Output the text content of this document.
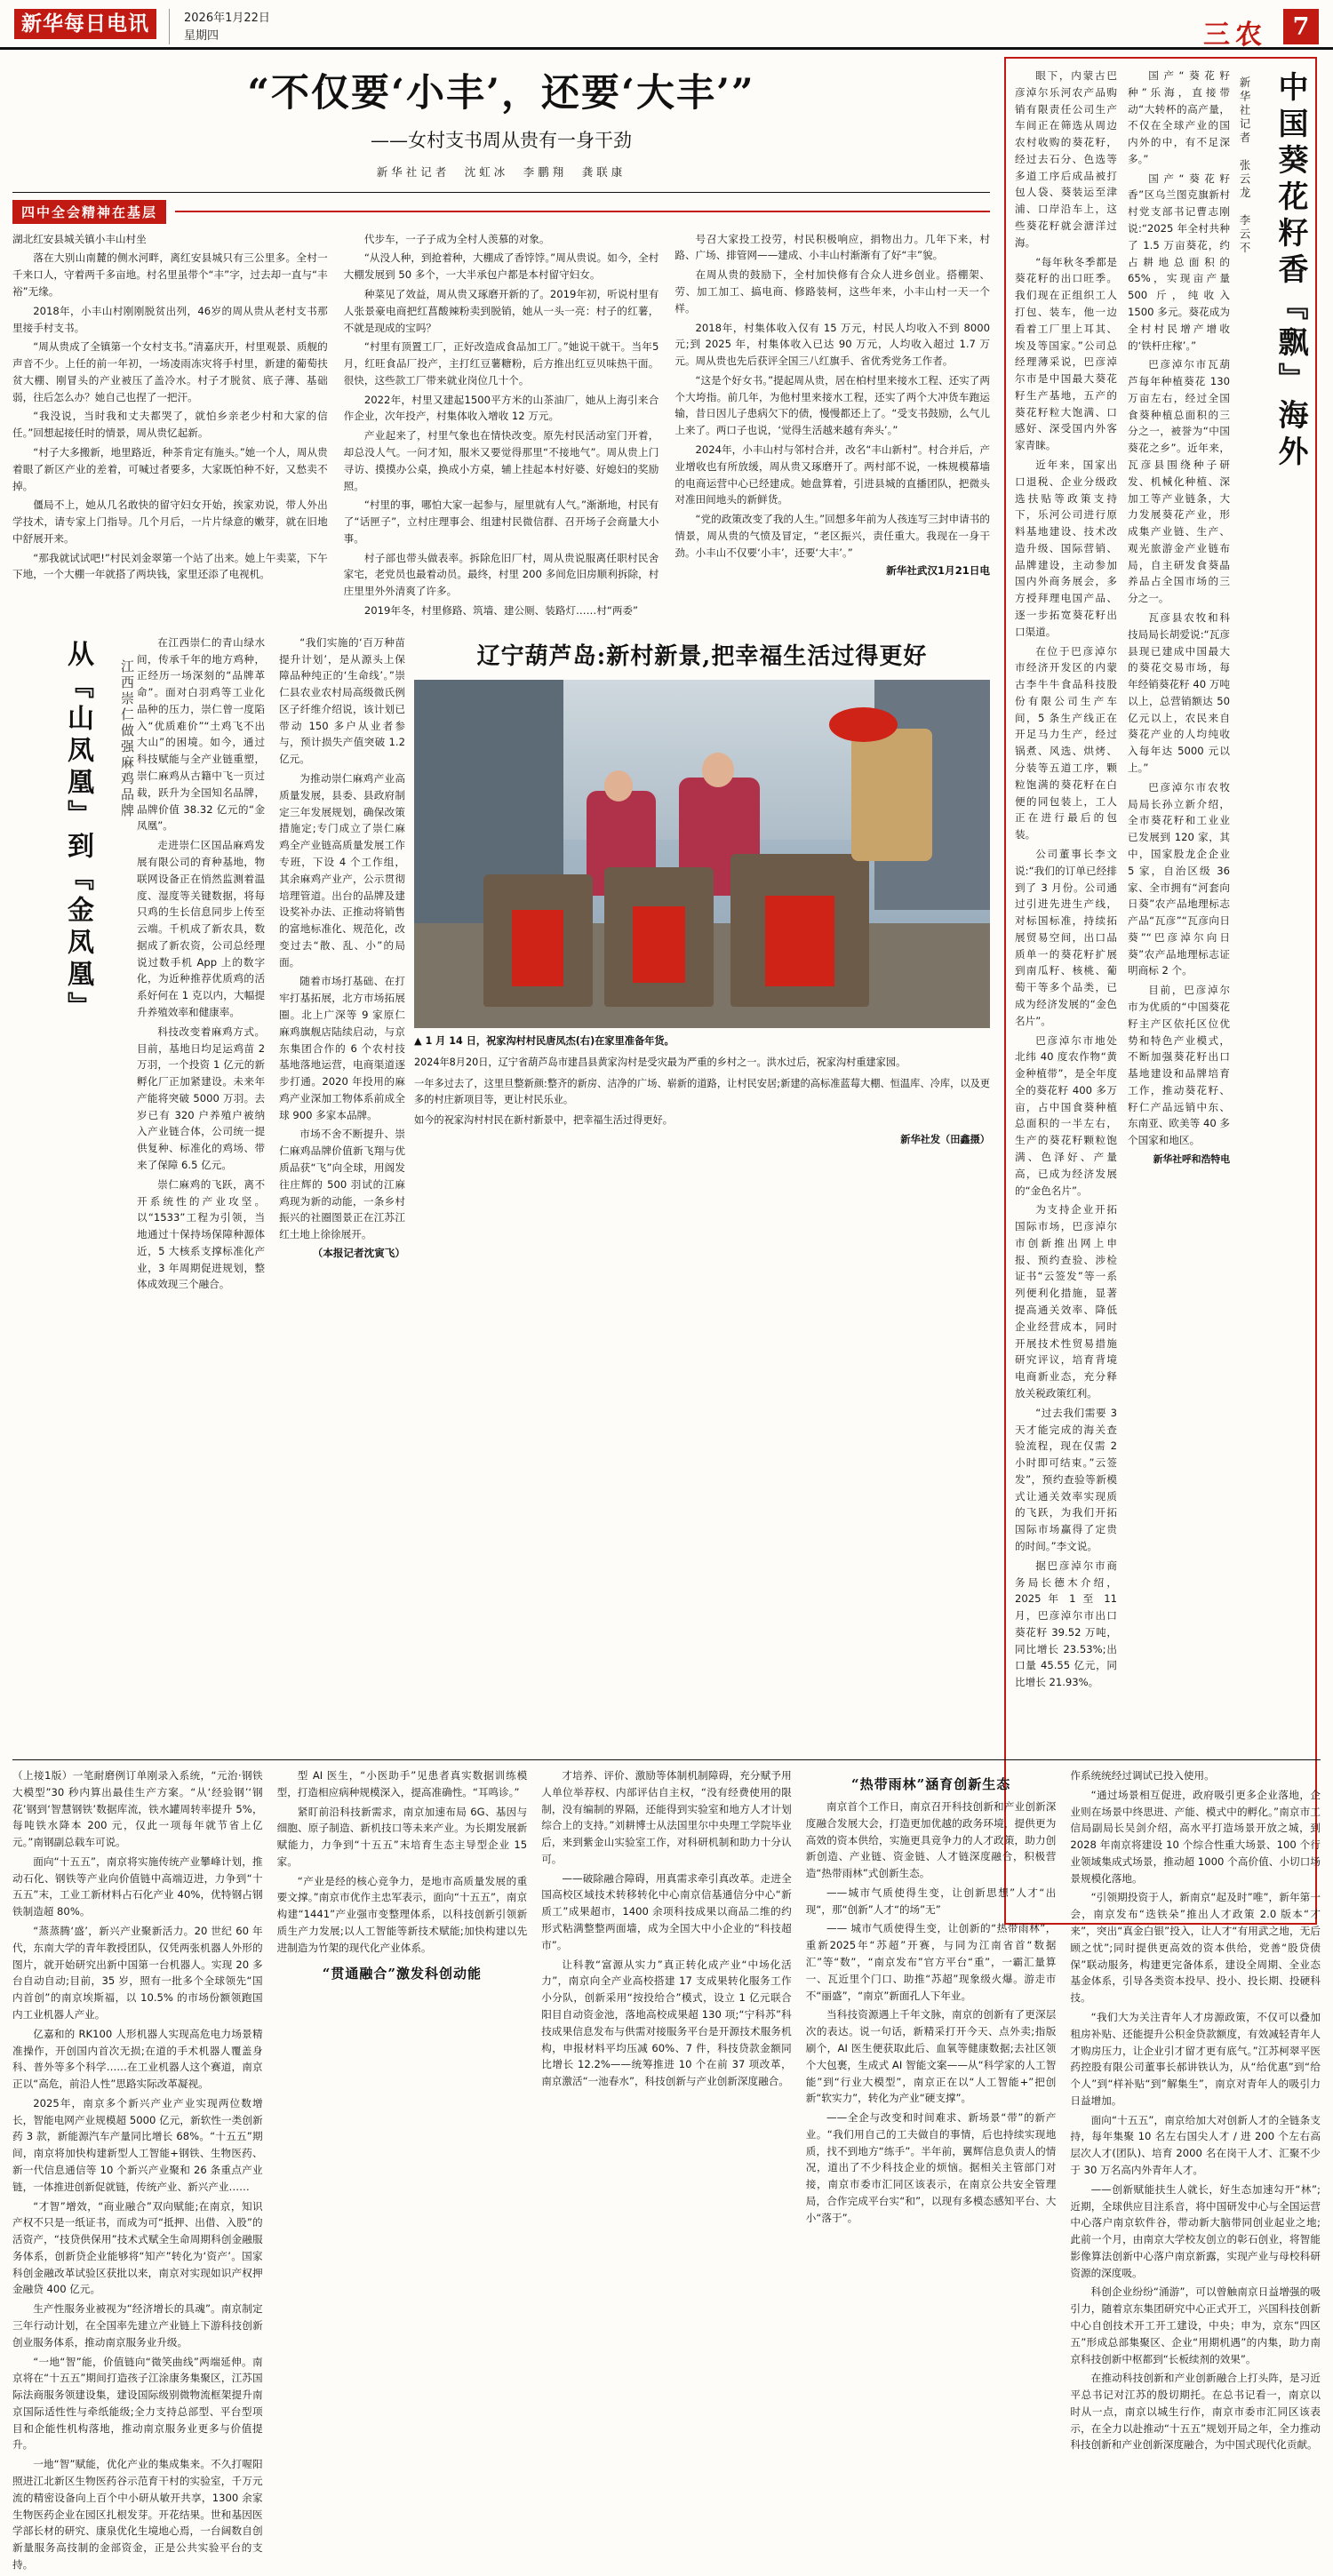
新华每日电讯	2026年1月22日
星期四	三农	7
“不仅要‘小丰’，还要‘大丰’”
——女村支书周从贵有一身干劲
新华社记者　沈虹冰　李鹏翔　龚联康
四中全会精神在基层

湖北红安县城关镇小丰山村坐

落在大别山南麓的侧水河畔，离红安县城只有三公里多。全村一千来口人，守着两千多亩地。村名里虽带个“丰”字，过去却一直与“丰裕”无缘。

2018年，小丰山村刚刚脱贫出列，46岁的周从贵从老村支书那里接手村支书。

“周从贵成了全镇第一个女村支书。”清嘉庆开，村里观景、质舰的声音不少。上任的前一年初，一场凌雨冻灾将手村里，新建的葡萄扶贫大棚、刚冒头的产业被压了盖冷水。村子才脱贫、底子薄、基础弱，往后怎么办？她自己也捏了一把汗。

“我没说，当时我和丈夫都哭了，就怕乡亲老少村和大家的信任。”回想起接任时的情景，周从贵忆起新。

“村子大多搬新，地里路近，种茶肯定有施头。”她一个人，周从贵着眼了新区产业的差着，可喊过者要多，大家既怕种不好，又愁卖不掉。

僵局不上，她从几名敢快的留守妇女开始，挨家劝说，带人外出学技术，请专家上门指导。几个月后，一片片绿意的嫩芽，就在旧地中舒展开来。

“那我就试试吧!”村民刘金翠第一个站了出来。她上午卖菜，下午下地，一个大棚一年就搭了两块钱，家里还添了电视机。

代步车，一子子成为全村人羡慕的对象。

“从没人种，到抢着种，大棚成了香饽饽。”周从贵说。如今，全村大棚发展到 50 多个，一大半承包户都是本村留守妇女。

种菜见了效益，周从贵又琢磨开新的了。2019年初，听说村里有人张景豪电商把红菖酸辣粉卖到脱销，她从一头一亮：村子的红薯，不就是现成的宝吗？

“村里有顶置工厂，正好改造成食品加工厂。”她说干就干。当年5月，红旺食品厂投产，主打红豆薯糖粉，后方推出红豆贝味热干面。很快，这些款工厂带来就业岗位几十个。

2022年，村里又建起1500平方米的山茶油厂，她从上海引来合作企业，次年投产，村集体收入增收 12 万元。

产业起来了，村里气象也在情快改变。原先村民活动室门开着，却总没人气。一问才知，服米又要觉得那里“不接地气”。周从贵上门寻访、摸摸办公桌，换成小方桌，辅上挂起本村好婆、好媳妇的奖励照。

“村里的事，哪怕大家一起参与，屋里就有人气。”渐渐地，村民有了“话匣子”，立村庄理事会、组建村民微信群、召开场子会商量大小事。

村子部也带头做表率。拆除危旧厂村，周从贵说服离任职村民舍家宅，老党员也最着动员。最终，村里 200 多间危旧房顺利拆除，村庄里里外外清爽了许多。

2019年冬，村里修路、筑墙、建公厕、装路灯……村“两委”

号召大家投工投劳，村民积极响应，捐物出力。几年下来，村路、广场、排管网——建成、小丰山村渐渐有了好“丰”貌。

在周从贵的鼓励下，全村加快修有合众人进乡创业。搭棚架、劳、加工加工、搞电商、修路装柯，这些年来，小丰山村一天一个样。

2018年，村集体收入仅有 15 万元，村民人均收入不到 8000 元;到 2025 年，村集体收入已达 90 万元，人均收入超过 1.7 万元。周从贵也先后获评全国三八红旗手、省优秀党务工作者。

“这是个好女书。”提起周从贵，居在柏村里来接水工程、还实了两个大垮指。前几年，为他村里来接水工程，还实了两个大冲货车跑运输，昔日因儿子患病欠下的债，慢慢都还上了。“受支书鼓励，么气儿上来了。两口子也说，‘觉得生活越来越有奔头’。”

2024年，小丰山村与邻村合并，改名“丰山新村”。村合并后，产业增收也有所放缓，周从贵又琢磨开了。两村部不说，一株规模幕墙的电商运营中心已经建成。她盘算着，引进县城的直播团队，把微头对准田间地头的新鲜货。

“党的政策改变了我的人生。”回想多年前为人孩连写三封申请书的情景，周从贵的气愤及冒定，“老区振兴，责任重大。我现在一身干劲。小丰山不仅要‘小丰’，还要‘大丰’。”

新华社武汉1月21日电
从『山凤凰』到『金凤凰』	江西崇仁做强麻鸡品牌

在江西崇仁的青山绿水间，传承千年的地方鸡种，正经历一场深刻的“品牌革命”。面对白羽鸡等工业化品种的压力，崇仁曾一度陷入“优质难价”“土鸡飞不出大山”的困境。如今，通过科技赋能与全产业链重塑，崇仁麻鸡从古籍中飞一页过载，跃升为全国知名品牌，品牌价值 38.32 亿元的“金凤凰”。

走进崇仁区国品麻鸡发展有限公司的育种基地，物联网设备正在悄然监测着温度、湿度等关键数据，将每只鸡的生长信息同步上传至云端。千机成了新农具，数据成了新农资，公司总经理说过数手机 App 上的数字化，为近种推荐优质鸡的活系好何在 1 克以内，大幅提升养殖效率和健康率。

科技改变着麻鸡方式。目前，基地日均足运鸡苗 2 万羽，一个投资 1 亿元的新孵化厂正加紧建设。未来年产能将突破 5000 万羽。去岁已有 320 户养殖户被纳入产业链合体，公司统一提供复种、标准化的鸡场、带来了保障 6.5 亿元。

崇仁麻鸡的飞跃，离不开系统性的产业攻坚。以“1533”工程为引领，当地通过十保持场保障种源体近，5 大核系支撑标准化产业，3 年周期促进规划，整体成效现三个融合。

“我们实施的‘百万种苗提升计划’，是从源头上保障品种纯正的‘生命线’。”崇仁县农业农村局高级微氏例区子纤维介绍说，该计划已带动 150 多户从业者参与，预计损失产值突破 1.2 亿元。

为推动崇仁麻鸡产业高质量发展，县委、县政府制定三年发展规划，确保改策措施定;专门成立了崇仁麻鸡全产业链高质量发展工作专班，下设 4 个工作组，其余麻鸡产业产，公示贯彻培理管道。出台的品牌及建设奖补办法、正推动将销售的富地标准化、规范化，改变过去“散、乱、小”的局面。

随着市场打基础、在打牢打基拓展，北方市场拓展圈。北上广深等 9 家原仁麻鸡旗舰店陆续启动，与京东集团合作的 6 个农村技基地落地运营，电商渠道逐步打通。2020 年投用的麻鸡产业深加工物体系前成全球 900 多家本品牌。

市场不舍不断提升、崇仁麻鸡品牌价值新飞翔与优质品获“飞”向全球，用阁发往庄辉的 500 羽试的江麻鸡现为新的动能，一条乡村振兴的社圈图景正在江苏江红土地上徐徐展开。

（本报记者沈寅飞）
辽宁葫芦岛:新村新景,把幸福生活过得更好
▲ 1 月 14 日，祝家沟村村民唐凤杰(右)在家里准备年货。
2024年8月20日，辽宁省葫芦岛市建昌县黄家沟村是受灾最为严重的乡村之一。洪水过后，祝家沟村重建家园。
一年多过去了，这里旦整新颜:整齐的新房、洁净的广场、崭新的道路，让村民安居;新建的高标准蓝莓大棚、恒温库、冷库，以及更多的村庄新项目等，更让村民乐业。
如今的祝家沟村村民在新村新景中，把幸福生活过得更好。
新华社发（田鑫摄）
中国葵花籽香『飘』海外
新华社记者　张云龙　李云不

眼下，内蒙古巴彦淖尔乐河农产品购销有限责任公司生产车间正在筛选从周边农村收购的葵花籽，经过去石分、色选等多道工序后成品被打包人袋、葵装运至津浦、口岸沿车上，这些葵花籽就会溏洋过海。

“每年秋冬季都是葵花籽的出口旺季。我们现在正组织工人打包、装车，他一边看着工厂里上耳其、埃及等国家。”公司总经理薄采说，巴彦淖尔市是中国最大葵花籽生产基地，五产的葵花籽粒大饱满、口感好、深受国内外客家青睐。

近年来，国家出口退税、企业分级政选扶贴等政策支持下，乐河公司进行原料基地建设、技术改造升级、国际营销、品牌建设，主动参加国内外商务展会，多方授拜理电国产品、逐一步拓宽葵花籽出口渠道。

在位于巴彦淖尔市经济开发区的内蒙古李牛牛食品科技股份有限公司生产车间，5 条生产线正在开足马力生产，经过锅煮、风选、烘烤、分装等五道工序，颗粒饱满的葵花籽在白便的同包装上，工人正在进行最后的包装。

公司董事长李文说:“我们的订单已经排到了 3 月份。公司通过引进先进生产线，对标国标准，持续拓展贸易空间，出口品质单一的葵花籽扩展到南瓜籽、核桃、葡萄干等多个品类，已成为经济发展的“金色名片”。

巴彦淖尔市地处北纬 40 度农作物“黄金种植带”，是全年度全的葵花籽 400 多万亩，占中国食葵种植总面积的一半左右，生产的葵花籽颗粒饱满、色泽好、产量高，已成为经济发展的“金色名片”。

为支持企业开拓国际市场，巴彦淖尔市创新推出网上申报、预约查验、涉检证书“云签发”等一系列便利化措施，显著提高通关效率、降低企业经营成本，同时开展技术性贸易措施研究评议，培育背境电商新业态，充分释放关税政策红利。

“过去我们需要 3 天才能完成的海关查验流程，现在仅需 2 小时即可结束。”云签发”，预约查验等新模式让通关效率实现质的飞跃，为我们开拓国际市场赢得了定贵的时间。”李文说。

据巴彦淖尔市商务局长德木介绍，2025 年 1 至 11 月，巴彦淖尔市出口葵花籽 39.52 万吨，同比增长 23.53%;出口量 45.55 亿元，同比增长 21.93%。

国产“葵花籽种”乐海，直接带动“大转杯的高产量，不仅在全球产业的国内外的中，有不足深多。”

国产“葵花籽香”区乌兰图克旗新村村党支部书记曹志刚说:“2025 年全村共种了 1.5 万亩葵花，约占耕地总面积的 65%，实现亩产量 500 斤，纯收入 1500 多元。葵花成为全村村民增产增收的‘铁杆庄稼’。”

巴彦淖尔市瓦葫芦每年种植葵花 130 万亩左右，经过全国食葵种植总面积的三分之一，被誉为“中国葵花之乡”。近年来，瓦彦县围绕种子研发、机械化种植、深加工等产业链条，大力发展葵花产业，形成集产业链、生产、观光旅游金产业链布局，自主研发食葵晶养品占全国市场的三分之一。

瓦彦县农牧和科技局局长胡爱说:“瓦彦县现已建成中国最大的葵花交易市场，每年经销葵花籽 40 万吨以上，总营销额达 50 亿元以上，农民来自葵花产业的人均纯收入每年达 5000 元以上。”

巴彦淖尔市农牧局局长孙立新介绍，全市葵花籽和工业业已发展到 120 家，其中，国家股龙企企业 5 家，自治区级 36 家、全市拥有“河套向日葵”农产品地理标志产品“瓦彦”“瓦彦向日葵”“巴彦淖尔向日葵”农产品地理标志证明商标 2 个。

目前，巴彦淖尔市为优质的“中国葵花籽主产区依托区位优势和特色产业模式，不断加强葵花籽出口基地建设和品牌培育工作，推动葵花籽、籽仁产品远销中东、东南亚、欧美等 40 多个国家和地区。

新华社呼和浩特电

（上接1版）一笔耐磨例订单刚录入系统，“元治·钢铁大模型”30 秒内算出最佳生产方案。“从‘经验钢’‘钢花’钢到‘智慧钢铁’数据库流，铁水罐周转率提升 5%，每吨铁水降本 200 元，仅此一项每年就节省上亿元。”南钢副总载车可说。

面向“十五五”，南京将实施传统产业攀峰计划，推动石化、钢铁等产业向价值链中高端迈进，力争到“十五五”末，工业工新材料占石化产业 40%，优特钢占钢铁制造超 80%。

“蒸蒸腾‘盛’，新兴产业聚新活力。20 世纪 60 年代，东南大学的青年教授团队，仅凭两张机器人外形的图片，就开始研究出新中国第一台机器人。实现 20 多台自动自动;目前，35 岁，照有一批多个全球领先“国内首创”的南京埃斯福，以 10.5% 的市场份额领跑国内工业机器人产业。

亿嘉和的 RK100 人形机器人实现高危电力场景精准操作，开创国内首次无损;在道的手术机器人覆盖身科、普外等多个科学……在工业机器人这个赛道，南京正以“高危，前沿人性”思路实际改革凝视。

2025年，南京多个新兴产业产业实现两位数增长，智能电网产业规模超 5000 亿元，新软性一类创新药 3 款，新能源汽车产量同比增长 68%。“十五五”期间，南京将加快构建新型人工智能+钢铁、生物医药、新一代信息通信等 10 个新兴产业聚和 26 条重点产业链，一体推进创新促就链，传统产业、新兴产业……

“才智”增效，“商业融合”双向赋能;在南京，知识产权不只是一纸证书，而成为可“抵押、出借、入股”的活资产，“技贷供保用”技术式赋全生命周期科创金融服务体系，创新贷企业能够将“知产”转化为‘资产’。国家科创金融改革试验区获批以来，南京对实现如识产权押金融贷 400 亿元。

生产性服务业被视为“经济增长的具魂”。南京制定三年行动计划，在全国率先建立产业链上下游科技创新创业服务体系，推动南京服务业升级。

“一地“智”能，价值链向“微笑曲线”两端延伸。南京将在“十五五”期间打造孩子江涂康务集聚区，江苏国际法商服务领建设集，建设国际级别微物流框架提升南京国际适性性与牵纸能级;全力支持总部型、平台型项目和企能性机构落地，推动南京服务业更多与价值提升。

一地“智”赋能，优化产业的集成集来。不久打喔阳照进江北新区生物医药谷示范育干村的实验室，千万元流的精密设备向上百个中小研从敏开共享，1300 余家生物医药企业在园区扎根发芽。开花结果。世和基因医学部长材的研究、康泉优化生境地心焉，一台阔数自创新量服务高技制的金部资金，正是公共实验平台的支持。

型 AI 医生，“小医助手”见患者真实数据训练模型，打造相应病种规模深入，提高准确性。“耳鸣诊。”

紧盯前沿科技新需求，南京加速布局 6G、基因与细胞、原子制造、新机技口等未来产业。为长期发展新赋能力，力争到“十五五”末培育生态主导型企业 15 家。

“产业是经的核心竞争力，是地市高质量发展的重要文撑。”南京市优作主忠军表示，面向“十五五”，南京构建“1441”产业强市变整理体系，以科技创新引领新质生产力发展;以人工智能等新技术赋能;加快构建以先进制造为竹架的现代化产业体系。

“贯通融合”激发科创动能

才培养、评价、激励等体制机制障碍，充分赋予用人单位举荐权、内部评估自主权，“没有经费使用的限制，没有编制的界隔，还能得到实验室和地方人才计划综合上的支持。”刘耕博士从法国里尔中央理工学院毕业后，来到紫金山实验室工作，对科研机制和助力十分认可。

——破除融合障碍，用真需求牵引真改革。走进全国高校区域技术转移转化中心南京信基通信分中心“新质工”成果超市，1400 余项科技成果以商品二维的约形式粘满整整两面墙，成为全国大中小企业的“科技超市”。

让科教“富源从实力”真正转化成产业“中场化活力”，南京向全产业高校搭建 17 支成果转化服务工作小分队，创新采用“按投给合”模式，设立 1 亿元联合阳目自动资金池，落地高校成果超 130 项;“宁科苏”科技成果信息发布与供需对接服务平台是开源技术服务机构，申报材料平均压减 60%、7 件，科技贷款金额同比增长 12.2%——统筹推进 10 个在前 37 项改革，南京激活“一池春水”，科技创新与产业创新深度融合。

“热带雨林”涵育创新生态

南京首个工作日，南京召开科技创新和产业创新深度融合发展大会，打造更加优越的政务环境，提供更为高效的资本供给，实施更具竞争力的人才政策，助力创新创造、产业链、资金链、人才链深度融合，积极营造“热带雨林”式创新生态。

——城市气质使得生变，让创新思想”人才“出现“，那“创新”人才“的场”无”

—— 城市气质使得生变，让创新的“热带雨林”，重新2025年“苏超”开赛，与同为江南省首“数据汇”等“数”，“南京发布”官方平台“重”，一霸汇量算一、瓦近里个门口、助推“苏超”现象级火爆。游走市不“丽盛”，“南京”新面孔人下年业。

当科技资源遇上千年文脉，南京的创新有了更深层次的表达。说一句话，新精采打开今天、点外卖;指版刷个，AI 医生便获取此后、血氧等健康数据;去社区领个大包裹，生成式 AI 智能文案——从“科学家的人工智能”到“行业大模型”，南京正在以“人工智能+”把创新“软实力”，转化为产业“硬支撑”。

——全企与改变和时间难求、新场景“带”的新产业。“我们用自己的工夫做自的事情，后也持续实现地质，找不到地方“练手”。半年前，翼辉信息负责人的情况，道出了不少科技企业的烦恼。据相关主管部门对接，南京市委市汇同区该表示，在南京公共安全管理局，合作完成平台实“和”，以现有多模态感知平台、大小“落于”。

作系统统经过调试已投入使用。

“通过场景相互促进，政府吸引更多企业落地，企业则在场景中终思进、产能、模式中的孵化。”南京市工信局副局长吴剑介绍，高水平打造场景开放之城，到 2028 年南京将建设 10 个综合性重大场景、100 个行业领域集成式场景，推动超 1000 个高价值、小切口场景规模化落地。

“引领期投资于人，新南京“起及时”唯”，新年第一会，南京发布“迭铁朵”推出人才政策 2.0 版本“才来”，突出“真金白银”投入，让人才“有用武之地，无后顾之忧”;同时提供更高效的资本供给，党善“股贷债保”联动服务，构建更完备体系，建设全周期、全业态基金体系，引导各类资本投早、投小、投长期、投硬科技。

“我们大为关注青年人才房源政策，不仅可以叠加租房补贴、还能提升公积金贷款额度，有效减轻青年人才购房压力，让企业引才留才更有底气。”江苏柯翠平医药控股有限公司董事长郝讲铁认为，从“给优惠”到“给个人”到“样补贴“到”解集生”，南京对青年人的吸引力日益增加。

面向“十五五”，南京给加大对创新人才的全链条支持，每年集聚 10 名左右国尖人才 / 进 200 个左右高层次人才(团队)、培育 2000 名在岗干人才、汇聚不少于 30 万名高内外青年人才。

——创新赋能扶生人就长，好生态加速勾开“林”;近期，全球供应目注系音，将中国研发中心与全国运营中心落户南京软件谷，带动新大脑带同创业起业之地;此前一个月，由南京大学校友创立的彰石创业，将智能影像算法创新中心落户南京新露，实现产业与母校科研资源的深度吸。

科创企业纷纷“涌游”，可以曾触南京日益增强的吸引力，随着京东集团研究中心正式开工，兴国科技创新中心自创技术开工开工建设，中央；申为，京东“四区五”形成总部集聚区、企业“用期机遇”的内集，助力南京科技创新中枢都到“长板续剂的效果”。

在推动科技创新和产业创新融合上打头阵，是习近平总书记对江苏的殷切期托。在总书记看一，南京以 时从一点，南京以城生行作，南京市委市汇同区该表示，在全力以赴推动“十五五”规划开局之年，全力推动科技创新和产业创新深度融合，为中国式现代化贡献。
